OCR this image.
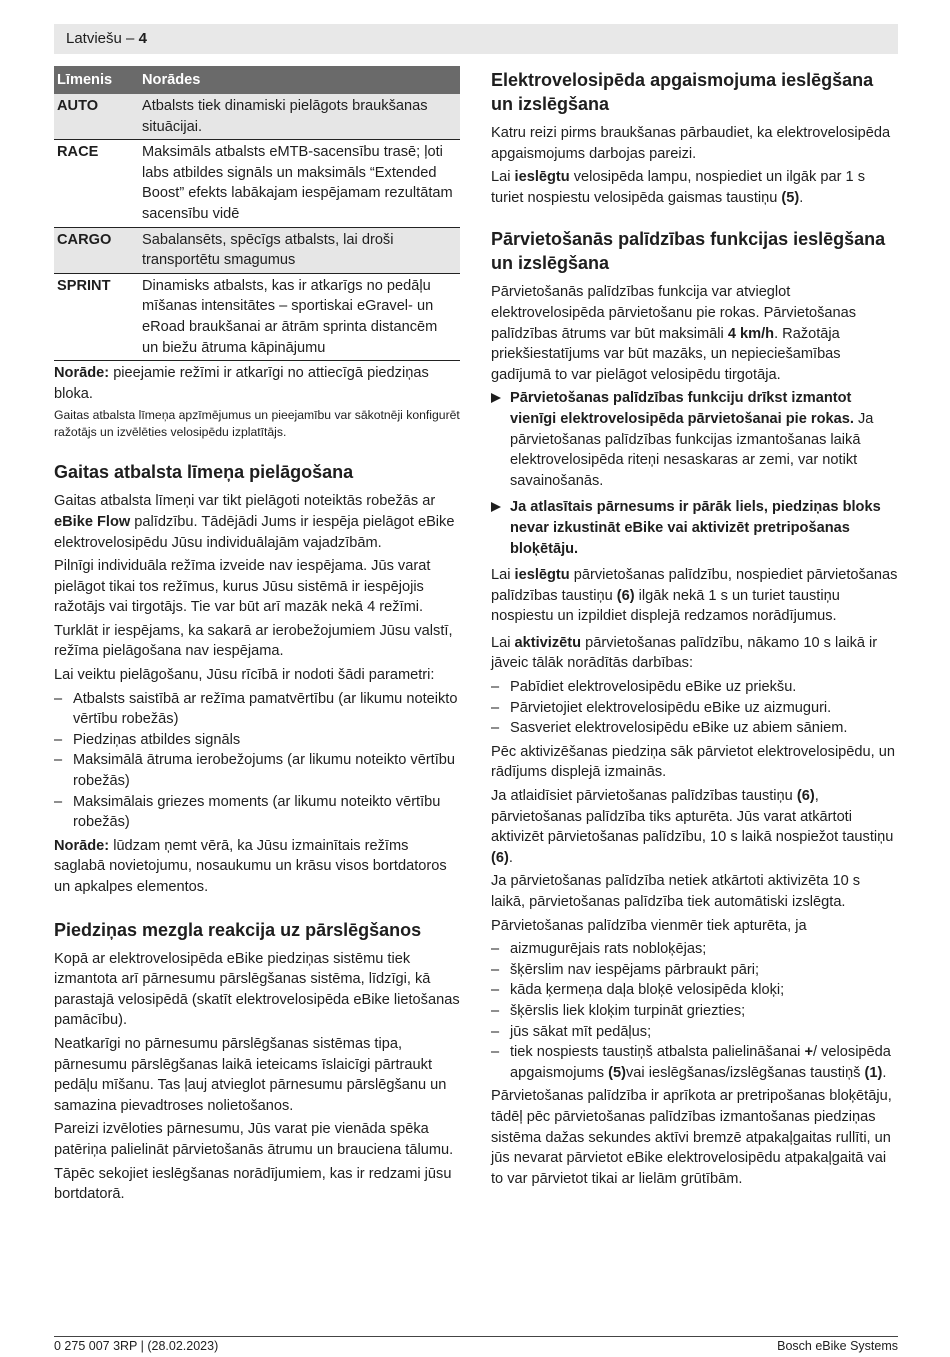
Latviešu – 4
Līmenis	Norādes
AUTO	Atbalsts tiek dinamiski pielāgots braukšanas situācijai.
RACE	Maksimāls atbalsts eMTB-sacensību trasē; ļoti labs atbildes signāls un maksimāls “Extended Boost” efekts labākajam iespējamam rezultātam sacensību vidē
CARGO	Sabalansēts, spēcīgs atbalsts, lai droši transportētu smagumus
SPRINT	Dinamisks atbalsts, kas ir atkarīgs no pedāļu mīšanas intensitātes – sportiskai eGravel- un eRoad braukšanai ar ātrām sprinta distancēm un biežu ātruma kāpinājumu

Norāde: pieejamie režīmi ir atkarīgi no attiecīgā piedziņas bloka.

Gaitas atbalsta līmeņa apzīmējumus un pieejamību var sākotnēji konfigurēt ražotājs un izvēlēties velosipēdu izplatītājs.

Gaitas atbalsta līmeņa pielāgošana

Gaitas atbalsta līmeņi var tikt pielāgoti noteiktās robežās ar eBike Flow palīdzību. Tādējādi Jums ir iespēja pielāgot eBike elektrovelosipēdu Jūsu individuālajām vajadzībām.

Pilnīgi individuāla režīma izveide nav iespējama. Jūs varat pielāgot tikai tos režīmus, kurus Jūsu sistēmā ir iespējojis ražotājs vai tirgotājs. Tie var būt arī mazāk nekā 4 režīmi.

Turklāt ir iespējams, ka sakarā ar ierobežojumiem Jūsu valstī, režīma pielāgošana nav iespējama.

Lai veiktu pielāgošanu, Jūsu rīcībā ir nodoti šādi parametri:

– Atbalsts saistībā ar režīma pamatvērtību (ar likumu noteikto vērtību robežās)
– Piedziņas atbildes signāls
– Maksimālā ātruma ierobežojums (ar likumu noteikto vērtību robežās)
– Maksimālais griezes moments (ar likumu noteikto vērtību robežās)

Norāde: lūdzam ņemt vērā, ka Jūsu izmainītais režīms saglabā novietojumu, nosaukumu un krāsu visos bortdatoros un apkalpes elementos.

Piedziņas mezgla reakcija uz pārslēgšanos

Kopā ar elektrovelosipēda eBike piedziņas sistēmu tiek izmantota arī pārnesumu pārslēgšanas sistēma, līdzīgi, kā parastajā velosipēdā (skatīt elektrovelosipēda eBike lietošanas pamācību).

Neatkarīgi no pārnesumu pārslēgšanas sistēmas tipa, pārnesumu pārslēgšanas laikā ieteicams īslaicīgi pārtraukt pedāļu mīšanu. Tas ļauj atvieglot pārnesumu pārslēgšanu un samazina pievadtroses nolietošanos.

Pareizi izvēloties pārnesumu, Jūs varat pie vienāda spēka patēriņa palielināt pārvietošanās ātrumu un brauciena tālumu.

Tāpēc sekojiet ieslēgšanas norādījumiem, kas ir redzami jūsu bortdatorā.

Elektrovelosipēda apgaismojuma ieslēgšana un izslēgšana

Katru reizi pirms braukšanas pārbaudiet, ka elektrovelosipēda apgaismojums darbojas pareizi.

Lai ieslēgtu velosipēda lampu, nospiediet un ilgāk par 1 s turiet nospiestu velosipēda gaismas taustiņu (5).

Pārvietošanās palīdzības funkcijas ieslēgšana un izslēgšana

Pārvietošanās palīdzības funkcija var atvieglot elektrovelosipēda pārvietošanu pie rokas. Pārvietošanas palīdzības ātrums var būt maksimāli 4 km/h. Ražotāja priekšiestatījums var būt mazāks, un nepieciešamības gadījumā to var pielāgot velosipēdu tirgotāja.

Pārvietošanas palīdzības funkciju drīkst izmantot vienīgi elektrovelosipēda pārvietošanai pie rokas. Ja pārvietošanas palīdzības funkcijas izmantošanas laikā elektrovelosipēda riteņi nesaskaras ar zemi, var notikt savainošanās.
Ja atlasītais pārnesums ir pārāk liels, piedziņas bloks nevar izkustināt eBike vai aktivizēt pretripošanas bloķētāju.

Lai ieslēgtu pārvietošanas palīdzību, nospiediet pārvietošanas palīdzības taustiņu (6) ilgāk nekā 1 s un turiet taustiņu nospiestu un izpildiet displejā redzamos norādījumus.

Lai aktivizētu pārvietošanas palīdzību, nākamo 10 s laikā ir jāveic tālāk norādītās darbības:

– Pabīdiet elektrovelosipēdu eBike uz priekšu.
– Pārvietojiet elektrovelosipēdu eBike uz aizmuguri.
– Sasveriet elektrovelosipēdu eBike uz abiem sāniem.

Pēc aktivizēšanas piedziņa sāk pārvietot elektrovelosipēdu, un rādījums displejā izmainās.

Ja atlaidīsiet pārvietošanas palīdzības taustiņu (6), pārvietošanas palīdzība tiks apturēta. Jūs varat atkārtoti aktivizēt pārvietošanas palīdzību, 10 s laikā nospiežot taustiņu (6).

Ja pārvietošanas palīdzība netiek atkārtoti aktivizēta 10 s laikā, pārvietošanas palīdzība tiek automātiski izslēgta.

Pārvietošanas palīdzība vienmēr tiek apturēta, ja

– aizmugurējais rats nobloķējas;
– šķērslim nav iespējams pārbraukt pāri;
– kāda ķermeņa daļa bloķē velosipēda kloķi;
– šķērslis liek kloķim turpināt griezties;
– jūs sākat mīt pedāļus;
– tiek nospiests taustiņš atbalsta palielināšanai +/ velosipēda apgaismojums (5)vai ieslēgšanas/izslēgšanas taustiņš (1).

Pārvietošanas palīdzība ir aprīkota ar pretripošanas bloķētāju, tādēļ pēc pārvietošanas palīdzības izmantošanas piedziņas sistēma dažas sekundes aktīvi bremzē atpakaļgaitas rullīti, un jūs nevarat pārvietot eBike elektrovelosipēdu atpakaļgaitā vai to var pārvietot tikai ar lielām grūtībām.

0 275 007 3RP | (28.02.2023)	Bosch eBike Systems
